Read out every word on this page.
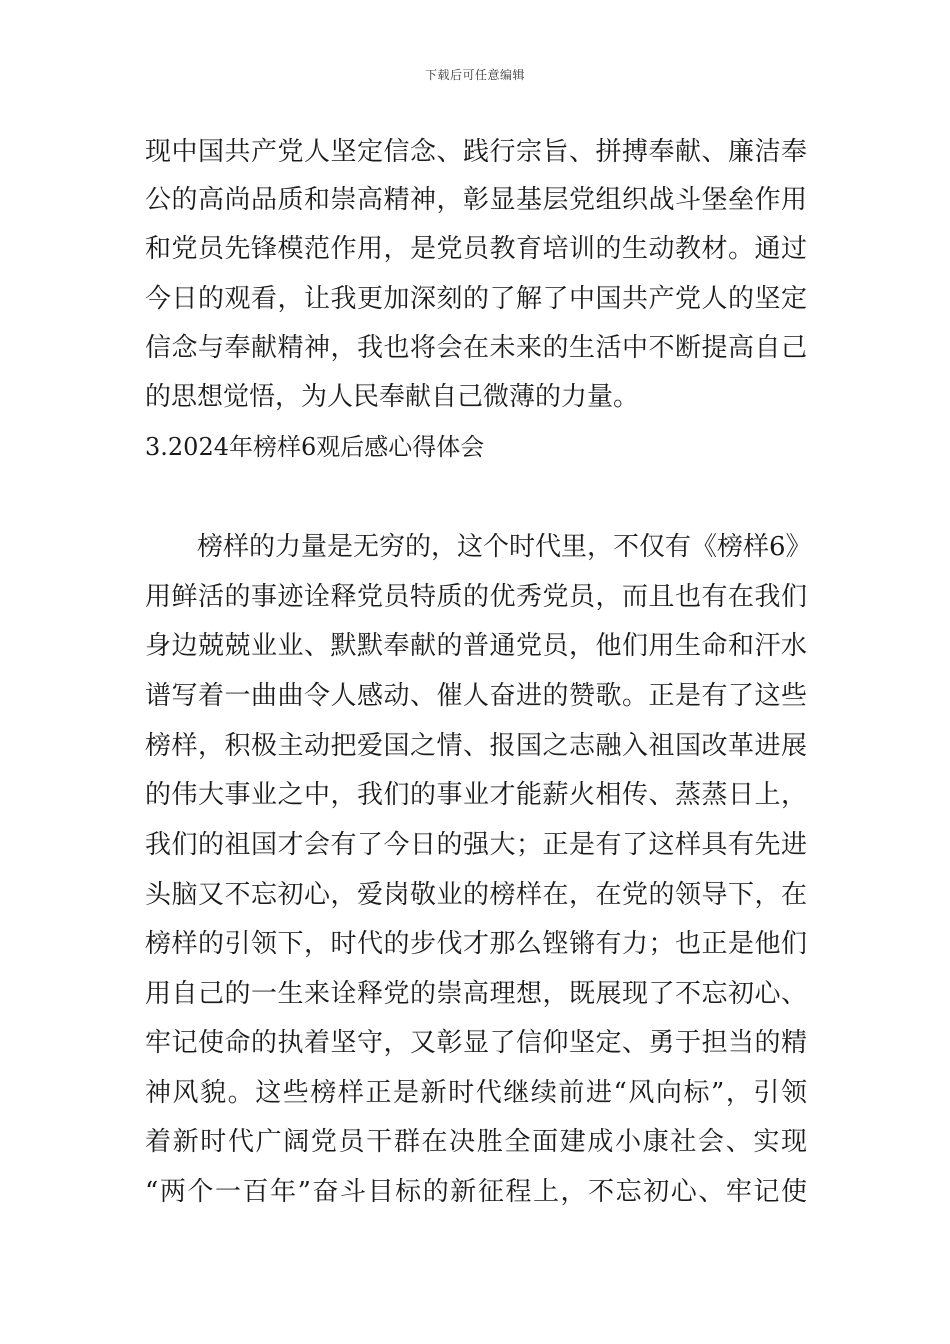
下载后可任意编辑
现中国共产党人坚定信念、践行宗旨、拼搏奉献、廉洁奉
公的高尚品质和崇高精神，彰显基层党组织战斗堡垒作用
和党员先锋模范作用，是党员教育培训的生动教材。通过
今日的观看，让我更加深刻的了解了中国共产党人的坚定
信念与奉献精神，我也将会在未来的生活中不断提高自己
的思想觉悟，为人民奉献自己微薄的力量。
3.2024年榜样6观后感心得体会
榜样的力量是无穷的，这个时代里，不仅有《榜样6》
用鲜活的事迹诠释党员特质的优秀党员，而且也有在我们
身边兢兢业业、默默奉献的普通党员，他们用生命和汗水
谱写着一曲曲令人感动、催人奋进的赞歌。正是有了这些
榜样，积极主动把爱国之情、报国之志融入祖国改革进展
的伟大事业之中，我们的事业才能薪火相传、蒸蒸日上，
我们的祖国才会有了今日的强大；正是有了这样具有先进
头脑又不忘初心，爱岗敬业的榜样在，在党的领导下，在
榜样的引领下，时代的步伐才那么铿锵有力；也正是他们
用自己的一生来诠释党的崇高理想，既展现了不忘初心、
牢记使命的执着坚守，又彰显了信仰坚定、勇于担当的精
神风貌。这些榜样正是新时代继续前进“风向标”，引领
着新时代广阔党员干群在决胜全面建成小康社会、实现
“两个一百年”奋斗目标的新征程上，不忘初心、牢记使
